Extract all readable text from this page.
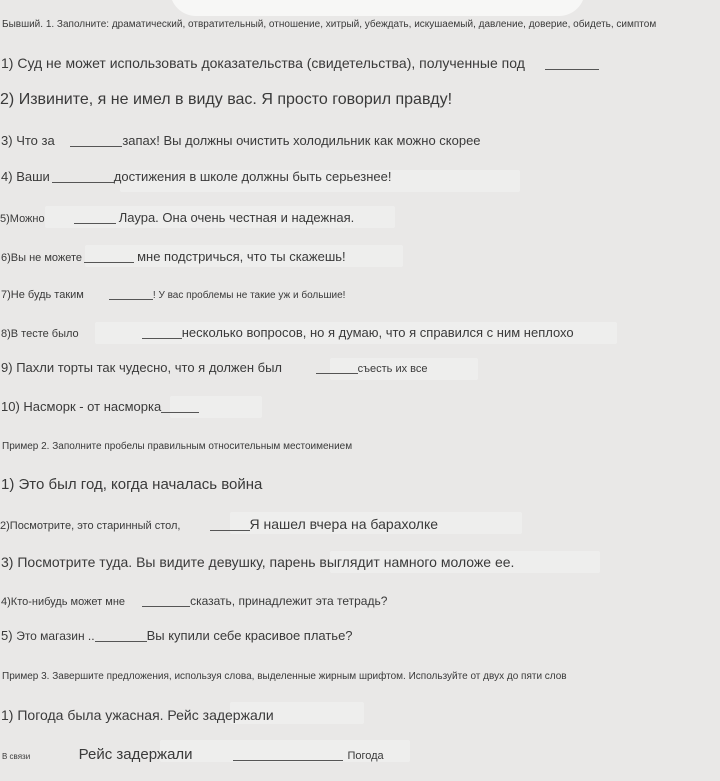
Бывший. 1. Заполните: драматический, отвратительный, отношение, хитрый, убеждать, искушаемый, давление, доверие, обидеть, симптом
1) Суд не может использовать доказательства (свидетельства), полученные под
2) Извините, я не имел в виду вас. Я просто говорил правду!
3) Что за	запах! Вы должны очистить холодильник как можно скорее
4) Ваши	достижения в школе должны быть серьезнее!
5)Можно	Лаура. Она очень честная и надежная.
6)Вы не можете	мне подстричься, что ты скажешь!
7)Не будь таким	! У вас проблемы не такие уж и большие!
8)В тесте было	несколько вопросов, но я думаю, что я справился с ним неплохо
9) Пахли торты так чудесно, что я должен был	съесть их все
10) Насморк - от насморка
Пример 2. Заполните пробелы правильным относительным местоимением
1) Это был год, когда началась война
2)Посмотрите, это старинный стол,	Я нашел вчера на барахолке
3) Посмотрите туда. Вы видите девушку, парень выглядит намного моложе ее.
4)Кто-нибудь может мне	сказать, принадлежит эта тетрадь?
5) Это магазин ..	Вы купили себе красивое платье?
Пример 3. Завершите предложения, используя слова, выделенные жирным шрифтом. Используйте от двух до пяти слов
1) Погода была ужасная. Рейс задержали
В связи	Рейс задержали	Погода
